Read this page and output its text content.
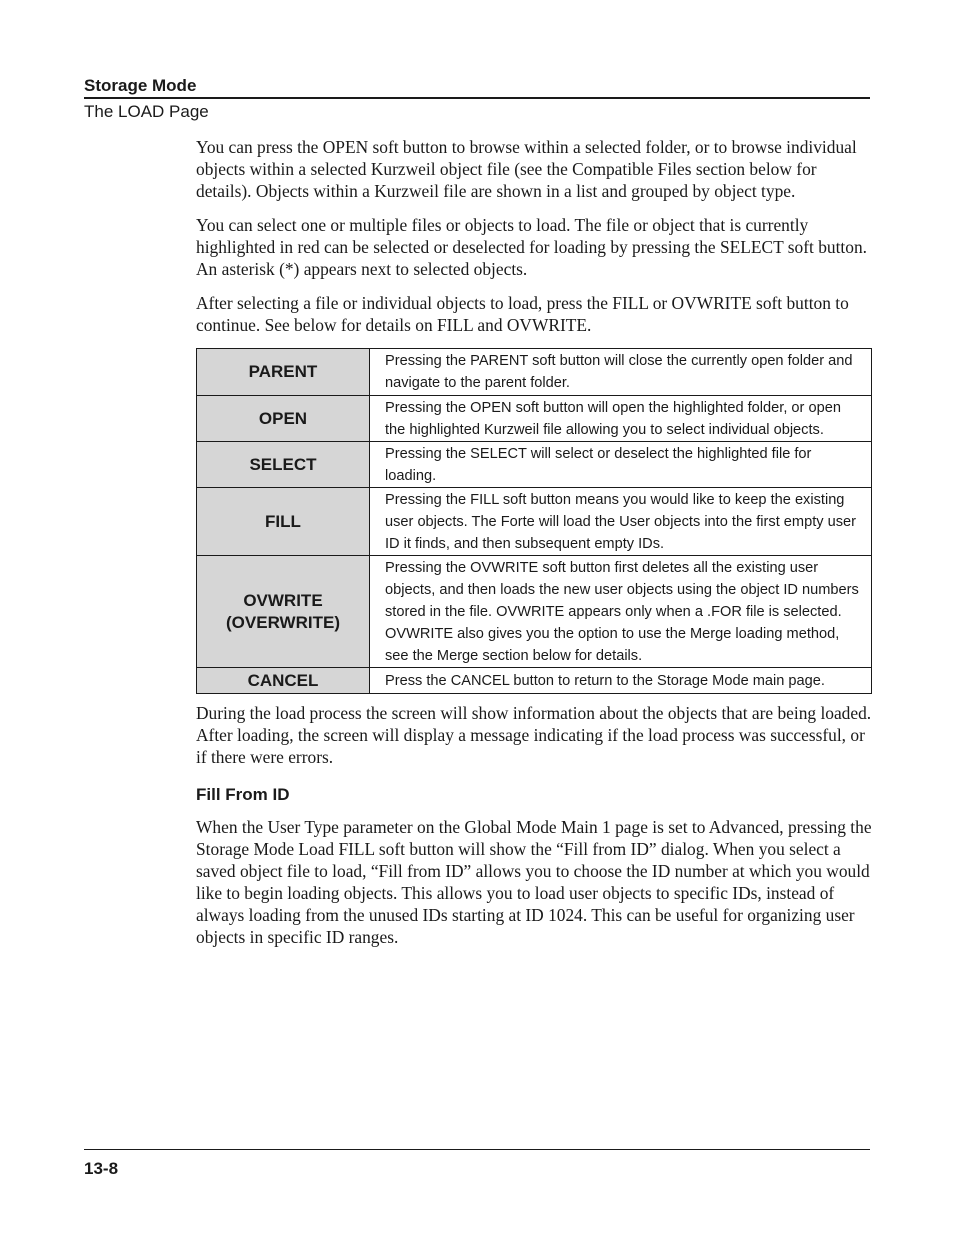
Storage Mode
The LOAD Page

You can press the OPEN soft button to browse within a selected folder, or to browse individual objects within a selected Kurzweil object file (see the Compatible Files section below for details). Objects within a Kurzweil file are shown in a list and grouped by object type.

You can select one or multiple files or objects to load. The file or object that is currently highlighted in red can be selected or deselected for loading by pressing the SELECT soft button. An asterisk (*) appears next to selected objects.

After selecting a file or individual objects to load, press the FILL or OVWRITE soft button to continue. See below for details on FILL and OVWRITE.

PARENT	Pressing the PARENT soft button will close the currently open folder and navigate to the parent folder.
OPEN	Pressing the OPEN soft button will open the highlighted folder, or open the highlighted Kurzweil file allowing you to select individual objects.
SELECT	Pressing the SELECT will select or deselect the highlighted file for loading.
FILL	Pressing the FILL soft button means you would like to keep the existing user objects. The Forte will load the User objects into the first empty user ID it finds, and then subsequent empty IDs.

OVWRITE
(OVERWRITE)	Pressing the OVWRITE soft button first deletes all the existing user objects, and then loads the new user objects using the object ID numbers stored in the file. OVWRITE appears only when a .FOR file is selected. OVWRITE also gives you the option to use the Merge loading method, see the Merge section below for details.
CANCEL	Press the CANCEL button to return to the Storage Mode main page.

During the load process the screen will show information about the objects that are being loaded. After loading, the screen will display a message indicating if the load process was successful, or if there were errors.

Fill From ID

When the User Type parameter on the Global Mode Main 1 page is set to Advanced, pressing the Storage Mode Load FILL soft button will show the “Fill from ID” dialog. When you select a saved object file to load, “Fill from ID” allows you to choose the ID number at which you would like to begin loading objects. This allows you to load user objects to specific IDs, instead of always loading from the unused IDs starting at ID 1024. This can be useful for organizing user objects in specific ID ranges.

13-8
